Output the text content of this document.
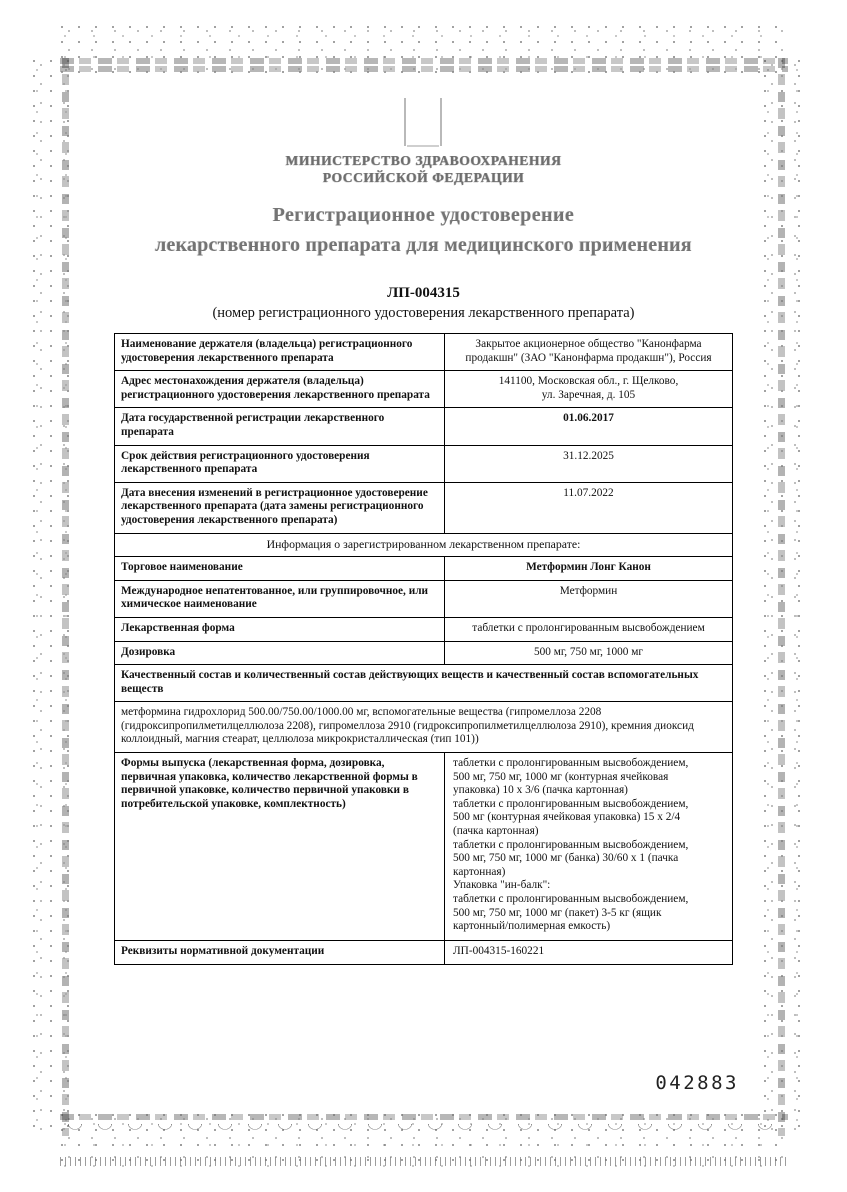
МИНИСТЕРСТВО ЗДРАВООХРАНЕНИЯ
РОССИЙСКОЙ ФЕДЕРАЦИИ
Регистрационное удостоверение
лекарственного препарата для медицинского применения
ЛП-004315
(номер регистрационного удостоверения лекарственного препарата)
Наименование держателя (владельца) регистрационного удостоверения лекарственного препарата	Закрытое акционерное общество "Канонфарма продакшн" (ЗАО "Канонфарма продакшн"), Россия
Адрес местонахождения держателя (владельца) регистрационного удостоверения лекарственного препарата	141100, Московская обл., г. Щелково,
ул. Заречная, д. 105
Дата государственной регистрации лекарственного препарата	01.06.2017
Срок действия регистрационного удостоверения лекарственного препарата	31.12.2025
Дата внесения изменений в регистрационное удостоверение лекарственного препарата (дата замены регистрационного удостоверения лекарственного препарата)	11.07.2022
Информация о зарегистрированном лекарственном препарате:	
Торговое наименование	Метформин Лонг Канон
Международное непатентованное, или группировочное, или химическое наименование	Метформин
Лекарственная форма	таблетки с пролонгированным высвобождением
Дозировка	500 мг, 750 мг, 1000 мг
Качественный состав и количественный состав действующих веществ и качественный состав вспомогательных веществ	
метформина гидрохлорид 500.00/750.00/1000.00 мг, вспомогательные вещества (гипромеллоза 2208 (гидроксипропилметилцеллюлоза 2208), гипромеллоза 2910 (гидроксипропилметилцеллюлоза 2910), кремния диоксид коллоидный, магния стеарат, целлюлоза микрокристаллическая (тип 101))	
Формы выпуска (лекарственная форма, дозировка, первичная упаковка, количество лекарственной формы в первичной упаковке, количество первичной упаковки в потребительской упаковке, комплектность)	
таблетки с пролонгированным высвобождением,
500 мг, 750 мг, 1000 мг (контурная ячейковая
упаковка) 10 х 3/6 (пачка картонная)
таблетки с пролонгированным высвобождением,
500 мг (контурная ячейковая упаковка) 15 х 2/4
(пачка картонная)
таблетки с пролонгированным высвобождением,
500 мг, 750 мг, 1000 мг (банка) 30/60 х 1 (пачка
картонная)
Упаковка "ин-балк":
таблетки с пролонгированным высвобождением,
500 мг, 750 мг, 1000 мг (пакет) 3-5 кг (ящик
картонный/полимерная емкость)

Реквизиты нормативной документации	ЛП-004315-160221
042883
